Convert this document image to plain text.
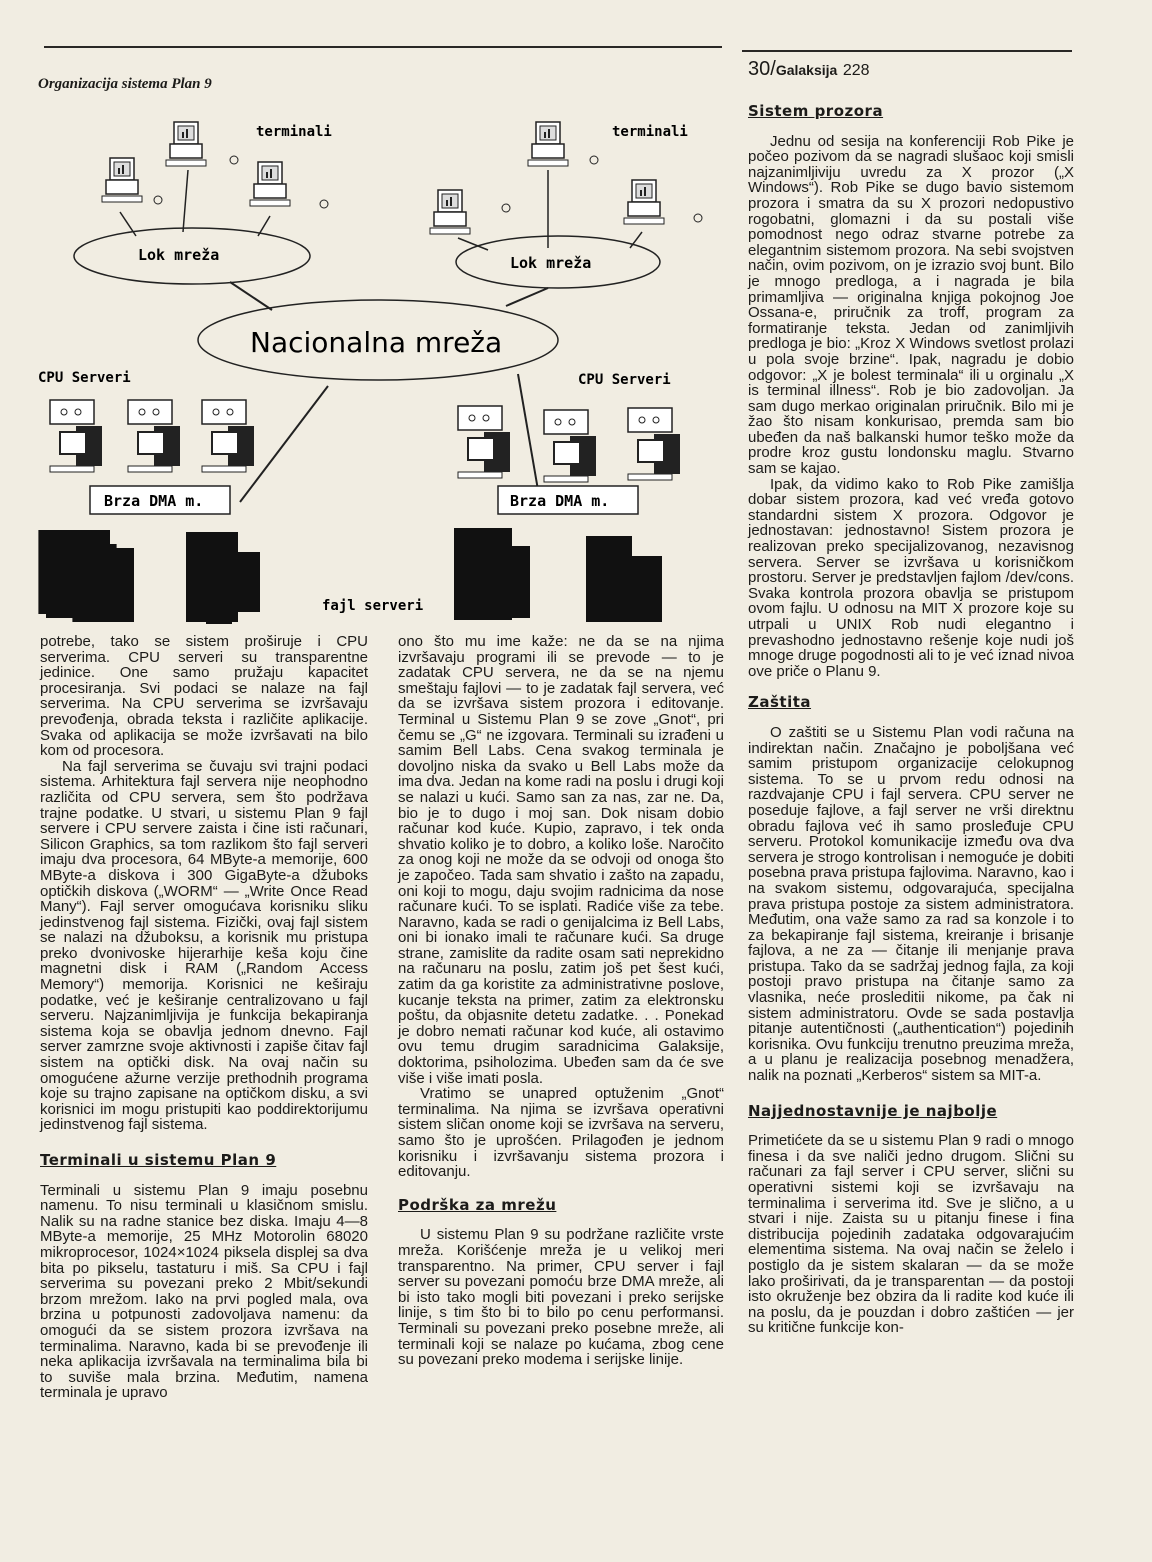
Organizacija sistema Plan 9
30/Galaksija 228
Lok mreža
terminali
Lok mreža
terminali
Nacionalna mreža
CPU Serveri	CPU Serveri
Brza DMA m.	Brza DMA m.
fajl serveri

potrebe, tako se sistem proširuje i CPU serverima. CPU serveri su transparentne jedinice. One samo pružaju kapacitet procesiranja. Svi podaci se nalaze na fajl serverima. Na CPU serverima se izvršavaju prevođenja, obrada teksta i različite aplikacije. Svaka od aplikacija se može izvršavati na bilo kom od procesora.

Na fajl serverima se čuvaju svi trajni podaci sistema. Arhitektura fajl servera nije neophodno različita od CPU servera, sem što podržava trajne podatke. U stvari, u sistemu Plan 9 fajl servere i CPU servere zaista i čine isti računari, Silicon Graphics, sa tom razlikom što fajl serveri imaju dva procesora, 64 MByte-a memorije, 600 MByte-a diskova i 300 GigaByte-a džuboks optičkih diskova („WORM“ — „Write Once Read Many“). Fajl server omogućava korisniku sliku jedinstvenog fajl sistema. Fizički, ovaj fajl sistem se nalazi na džuboksu, a korisnik mu pristupa preko dvonivoske hijerarhije keša koju čine magnetni disk i RAM („Random Access Memory“) memorija. Korisnici ne keširaju podatke, već je keširanje centralizovano u fajl serveru. Najzanimljivija je funkcija bekapiranja sistema koja se obavlja jednom dnevno. Fajl server zamrzne svoje aktivnosti i zapiše čitav fajl sistem na optički disk. Na ovaj način su omogućene ažurne verzije prethodnih programa koje su trajno zapisane na optičkom disku, a svi korisnici im mogu pristupiti kao poddirektorijumu jedinstvenog fajl sistema.

Terminali u sistemu Plan 9

Terminali u sistemu Plan 9 imaju posebnu namenu. To nisu terminali u klasičnom smislu. Nalik su na radne stanice bez diska. Imaju 4—8 MByte-a memorije, 25 MHz Motorolin 68020 mikroprocesor, 1024×1024 piksela displej sa dva bita po pikselu, tastaturu i miš. Sa CPU i fajl serverima su povezani preko 2 Mbit/sekundi brzom mrežom. Iako na prvi pogled mala, ova brzina u potpunosti zadovoljava namenu: da omogući da se sistem prozora izvršava na terminalima. Naravno, kada bi se prevođenje ili neka aplikacija izvršavala na terminalima bila bi to suviše mala brzina. Međutim, namena terminala je upravo

ono što mu ime kaže: ne da se na njima izvršavaju programi ili se prevode — to je zadatak CPU servera, ne da se na njemu smeštaju fajlovi — to je zadatak fajl servera, već da se izvršava sistem prozora i editovanje. Terminal u Sistemu Plan 9 se zove „Gnot“, pri čemu se „G“ ne izgovara. Terminali su izrađeni u samim Bell Labs. Cena svakog terminala je dovoljno niska da svako u Bell Labs može da ima dva. Jedan na kome radi na poslu i drugi koji se nalazi u kući. Samo san za nas, zar ne. Da, bio je to dugo i moj san. Dok nisam dobio računar kod kuće. Kupio, zapravo, i tek onda shvatio koliko je to dobro, a koliko loše. Naročito za onog koji ne može da se odvoji od onoga što je započeo. Tada sam shvatio i zašto na zapadu, oni koji to mogu, daju svojim radnicima da nose računare kući. To se isplati. Radiće više za tebe. Naravno, kada se radi o genijalcima iz Bell Labs, oni bi ionako imali te računare kući. Sa druge strane, zamislite da radite osam sati neprekidno na računaru na poslu, zatim još pet šest kući, zatim da ga koristite za administrativne poslove, kucanje teksta na primer, zatim za elektronsku poštu, da objasnite detetu zadatke. . . Ponekad je dobro nemati računar kod kuće, ali ostavimo ovu temu drugim saradnicima Galaksije, doktorima, psiholozima. Ubeđen sam da će sve više i više imati posla.

Vratimo se unapred optuženim „Gnot“ terminalima. Na njima se izvršava operativni sistem sličan onome koji se izvršava na serveru, samo što je uprošćen. Prilagođen je jednom korisniku i izvršavanju sistema prozora i editovanju.

Podrška za mrežu

U sistemu Plan 9 su podržane različite vrste mreža. Korišćenje mreža je u velikoj meri transparentno. Na primer, CPU server i fajl server su povezani pomoću brze DMA mreže, ali bi isto tako mogli biti povezani i preko serijske linije, s tim što bi to bilo po cenu performansi. Terminali su povezani preko posebne mreže, ali terminali koji se nalaze po kućama, zbog cene su povezani preko modema i serijske linije.

Sistem prozora

Jednu od sesija na konferenciji Rob Pike je počeo pozivom da se nagradi slušaoc koji smisli najzanimljiviju uvredu za X prozor („X Windows“). Rob Pike se dugo bavio sistemom prozora i smatra da su X prozori nedopustivo rogobatni, glomazni i da su postali više pomodnost nego odraz stvarne potrebe za elegantnim sistemom prozora. Na sebi svojstven način, ovim pozivom, on je izrazio svoj bunt. Bilo je mnogo predloga, a i nagrada je bila primamljiva — originalna knjiga pokojnog Joe Ossana-e, priručnik za troff, program za formatiranje teksta. Jedan od zanimljivih predloga je bio: „Kroz X Windows svetlost prolazi u pola svoje brzine“. Ipak, nagradu je dobio odgovor: „X je bolest terminala“ ili u orginalu „X is terminal illness“. Rob je bio zadovoljan. Ja sam dugo merkao originalan priručnik. Bilo mi je žao što nisam konkurisao, premda sam bio ubeđen da naš balkanski humor teško može da prodre kroz gustu londonsku maglu. Stvarno sam se kajao.

Ipak, da vidimo kako to Rob Pike zamišlja dobar sistem prozora, kad već vređa gotovo standardni sistem X prozora. Odgovor je jednostavan: jednostavno! Sistem prozora je realizovan preko specijalizovanog, nezavisnog servera. Server se izvršava u korisničkom prostoru. Server je predstavljen fajlom /dev/cons. Svaka kontrola prozora obavlja se pristupom ovom fajlu. U odnosu na MIT X prozore koje su utrpali u UNIX Rob nudi elegantno i prevashodno jednostavno rešenje koje nudi još mnoge druge pogodnosti ali to je već iznad nivoa ove priče o Planu 9.

Zaštita

O zaštiti se u Sistemu Plan vodi računa na indirektan način. Značajno je poboljšana već samim pristupom organizacije celokupnog sistema. To se u prvom redu odnosi na razdvajanje CPU i fajl servera. CPU server ne poseduje fajlove, a fajl server ne vrši direktnu obradu fajlova već ih samo prosleđuje CPU serveru. Protokol komunikacije između ova dva servera je strogo kontrolisan i nemoguće je dobiti posebna prava pristupa fajlovima. Naravno, kao i na svakom sistemu, odgovarajuća, specijalna prava pristupa postoje za sistem administratora. Međutim, ona važe samo za rad sa konzole i to za bekapiranje fajl sistema, kreiranje i brisanje fajlova, a ne za — čitanje ili menjanje prava pristupa. Tako da se sadržaj jednog fajla, za koji postoji pravo pristupa na čitanje samo za vlasnika, neće prosleditii nikome, pa čak ni sistem administratoru. Ovde se sada postavlja pitanje autentičnosti („authentication“) pojedinih korisnika. Ovu funkciju trenutno preuzima mreža, a u planu je realizacija posebnog menadžera, nalik na poznati „Kerberos“ sistem sa MIT-a.

Najjednostavnije je najbolje

Primetićete da se u sistemu Plan 9 radi o mnogo finesa i da sve naliči jedno drugom. Slični su računari za fajl server i CPU server, slični su operativni sistemi koji se izvršavaju na terminalima i serverima itd. Sve je slično, a u stvari i nije. Zaista su u pitanju finese i fina distribucija pojedinih zadataka odgovarajućim elementima sistema. Na ovaj način se želelo i postiglo da je sistem skalaran — da se može lako proširivati, da je transparentan — da postoji isto okruženje bez obzira da li radite kod kuće ili na poslu, da je pouzdan i dobro zaštićen — jer su kritične funkcije kon-
